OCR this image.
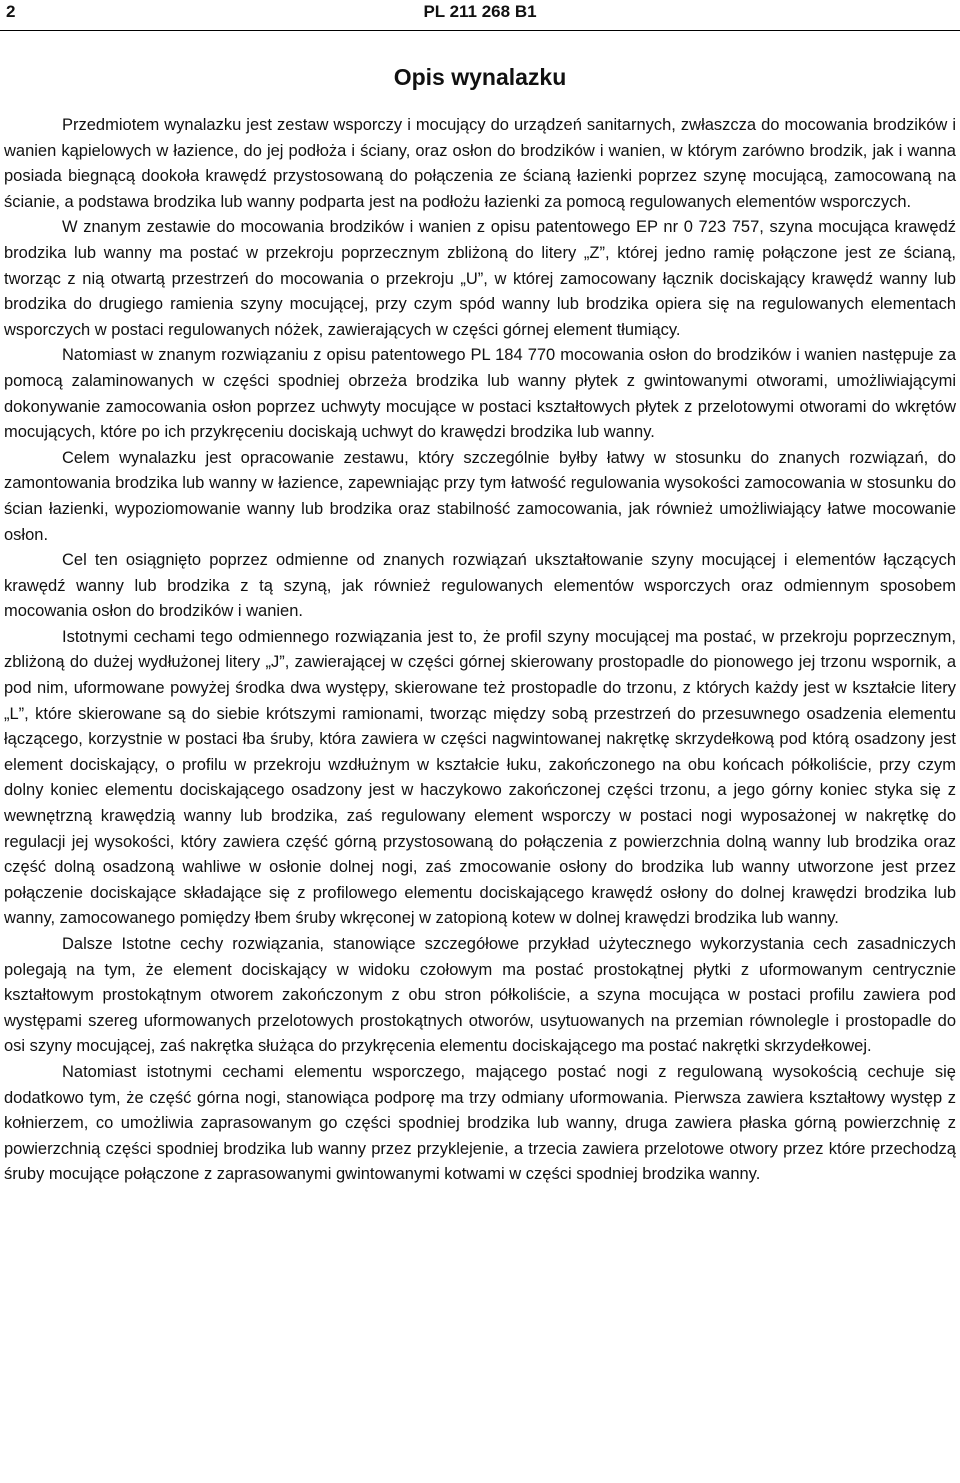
2	PL 211 268 B1
Opis wynalazku

Przedmiotem wynalazku jest zestaw wsporczy i mocujący do urządzeń sanitarnych, zwłaszcza do mocowania brodzików i wanien kąpielowych w łazience, do jej podłoża i ściany, oraz osłon do brodzików i wanien, w którym zarówno brodzik, jak i wanna posiada biegnącą dookoła krawędź przystosowaną do połączenia ze ścianą łazienki poprzez szynę mocującą, zamocowaną na ścianie, a podstawa brodzika lub wanny podparta jest na podłożu łazienki za pomocą regulowanych elementów wsporczych.

W znanym zestawie do mocowania brodzików i wanien z opisu patentowego EP nr 0 723 757, szyna mocująca krawędź brodzika lub wanny ma postać w przekroju poprzecznym zbliżoną do litery „Z”, której jedno ramię połączone jest ze ścianą, tworząc z nią otwartą przestrzeń do mocowania o przekroju „U”, w której zamocowany łącznik dociskający krawędź wanny lub brodzika do drugiego ramienia szyny mocującej, przy czym spód wanny lub brodzika opiera się na regulowanych elementach wsporczych w postaci regulowanych nóżek, zawierających w części górnej element tłumiący.

Natomiast w znanym rozwiązaniu z opisu patentowego PL 184 770 mocowania osłon do brodzików i wanien następuje za pomocą zalaminowanych w części spodniej obrzeża brodzika lub wanny płytek z gwintowanymi otworami, umożliwiającymi dokonywanie zamocowania osłon poprzez uchwyty mocujące w postaci kształtowych płytek z przelotowymi otworami do wkrętów mocujących, które po ich przykręceniu dociskają uchwyt do krawędzi brodzika lub wanny.

Celem wynalazku jest opracowanie zestawu, który szczególnie byłby łatwy w stosunku do znanych rozwiązań, do zamontowania brodzika lub wanny w łazience, zapewniając przy tym łatwość regulowania wysokości zamocowania w stosunku do ścian łazienki, wypoziomowanie wanny lub brodzika oraz stabilność zamocowania, jak również umożliwiający łatwe mocowanie osłon.

Cel ten osiągnięto poprzez odmienne od znanych rozwiązań ukształtowanie szyny mocującej i elementów łączących krawędź wanny lub brodzika z tą szyną, jak również regulowanych elementów wsporczych oraz odmiennym sposobem mocowania osłon do brodzików i wanien.

Istotnymi cechami tego odmiennego rozwiązania jest to, że profil szyny mocującej ma postać, w przekroju poprzecznym, zbliżoną do dużej wydłużonej litery „J”, zawierającej w części górnej skierowany prostopadle do pionowego jej trzonu wspornik, a pod nim, uformowane powyżej środka dwa występy, skierowane też prostopadle do trzonu, z których każdy jest w kształcie litery „L”, które skierowane są do siebie krótszymi ramionami, tworząc między sobą przestrzeń do przesuwnego osadzenia elementu łączącego, korzystnie w postaci łba śruby, która zawiera w części nagwintowanej nakrętkę skrzydełkową pod którą osadzony jest element dociskający, o profilu w przekroju wzdłużnym w kształcie łuku, zakończonego na obu końcach półkoliście, przy czym dolny koniec elementu dociskającego osadzony jest w haczykowo zakończonej części trzonu, a jego górny koniec styka się z wewnętrzną krawędzią wanny lub brodzika, zaś regulowany element wsporczy w postaci nogi wyposażonej w nakrętkę do regulacji jej wysokości, który zawiera część górną przystosowaną do połączenia z powierzchnia dolną wanny lub brodzika oraz część dolną osadzoną wahliwe w osłonie dolnej nogi, zaś zmocowanie osłony do brodzika lub wanny utworzone jest przez połączenie dociskające składające się z profilowego elementu dociskającego krawędź osłony do dolnej krawędzi brodzika lub wanny, zamocowanego pomiędzy łbem śruby wkręconej w zatopioną kotew w dolnej krawędzi brodzika lub wanny.

Dalsze Istotne cechy rozwiązania, stanowiące szczegółowe przykład użytecznego wykorzystania cech zasadniczych polegają na tym, że element dociskający w widoku czołowym ma postać prostokątnej płytki z uformowanym centrycznie kształtowym prostokątnym otworem zakończonym z obu stron półkoliście, a szyna mocująca w postaci profilu zawiera pod występami szereg uformowanych przelotowych prostokątnych otworów, usytuowanych na przemian równolegle i prostopadle do osi szyny mocującej, zaś nakrętka służąca do przykręcenia elementu dociskającego ma postać nakrętki skrzydełkowej.

Natomiast istotnymi cechami elementu wsporczego, mającego postać nogi z regulowaną wysokością cechuje się dodatkowo tym, że część górna nogi, stanowiąca podporę ma trzy odmiany uformowania. Pierwsza zawiera kształtowy występ z kołnierzem, co umożliwia zaprasowanym go części spodniej brodzika lub wanny, druga zawiera płaska górną powierzchnię z powierzchnią części spodniej brodzika lub wanny przez przyklejenie, a trzecia zawiera przelotowe otwory przez które przechodzą śruby mocujące połączone z zaprasowanymi gwintowanymi kotwami w części spodniej brodzika wanny.
